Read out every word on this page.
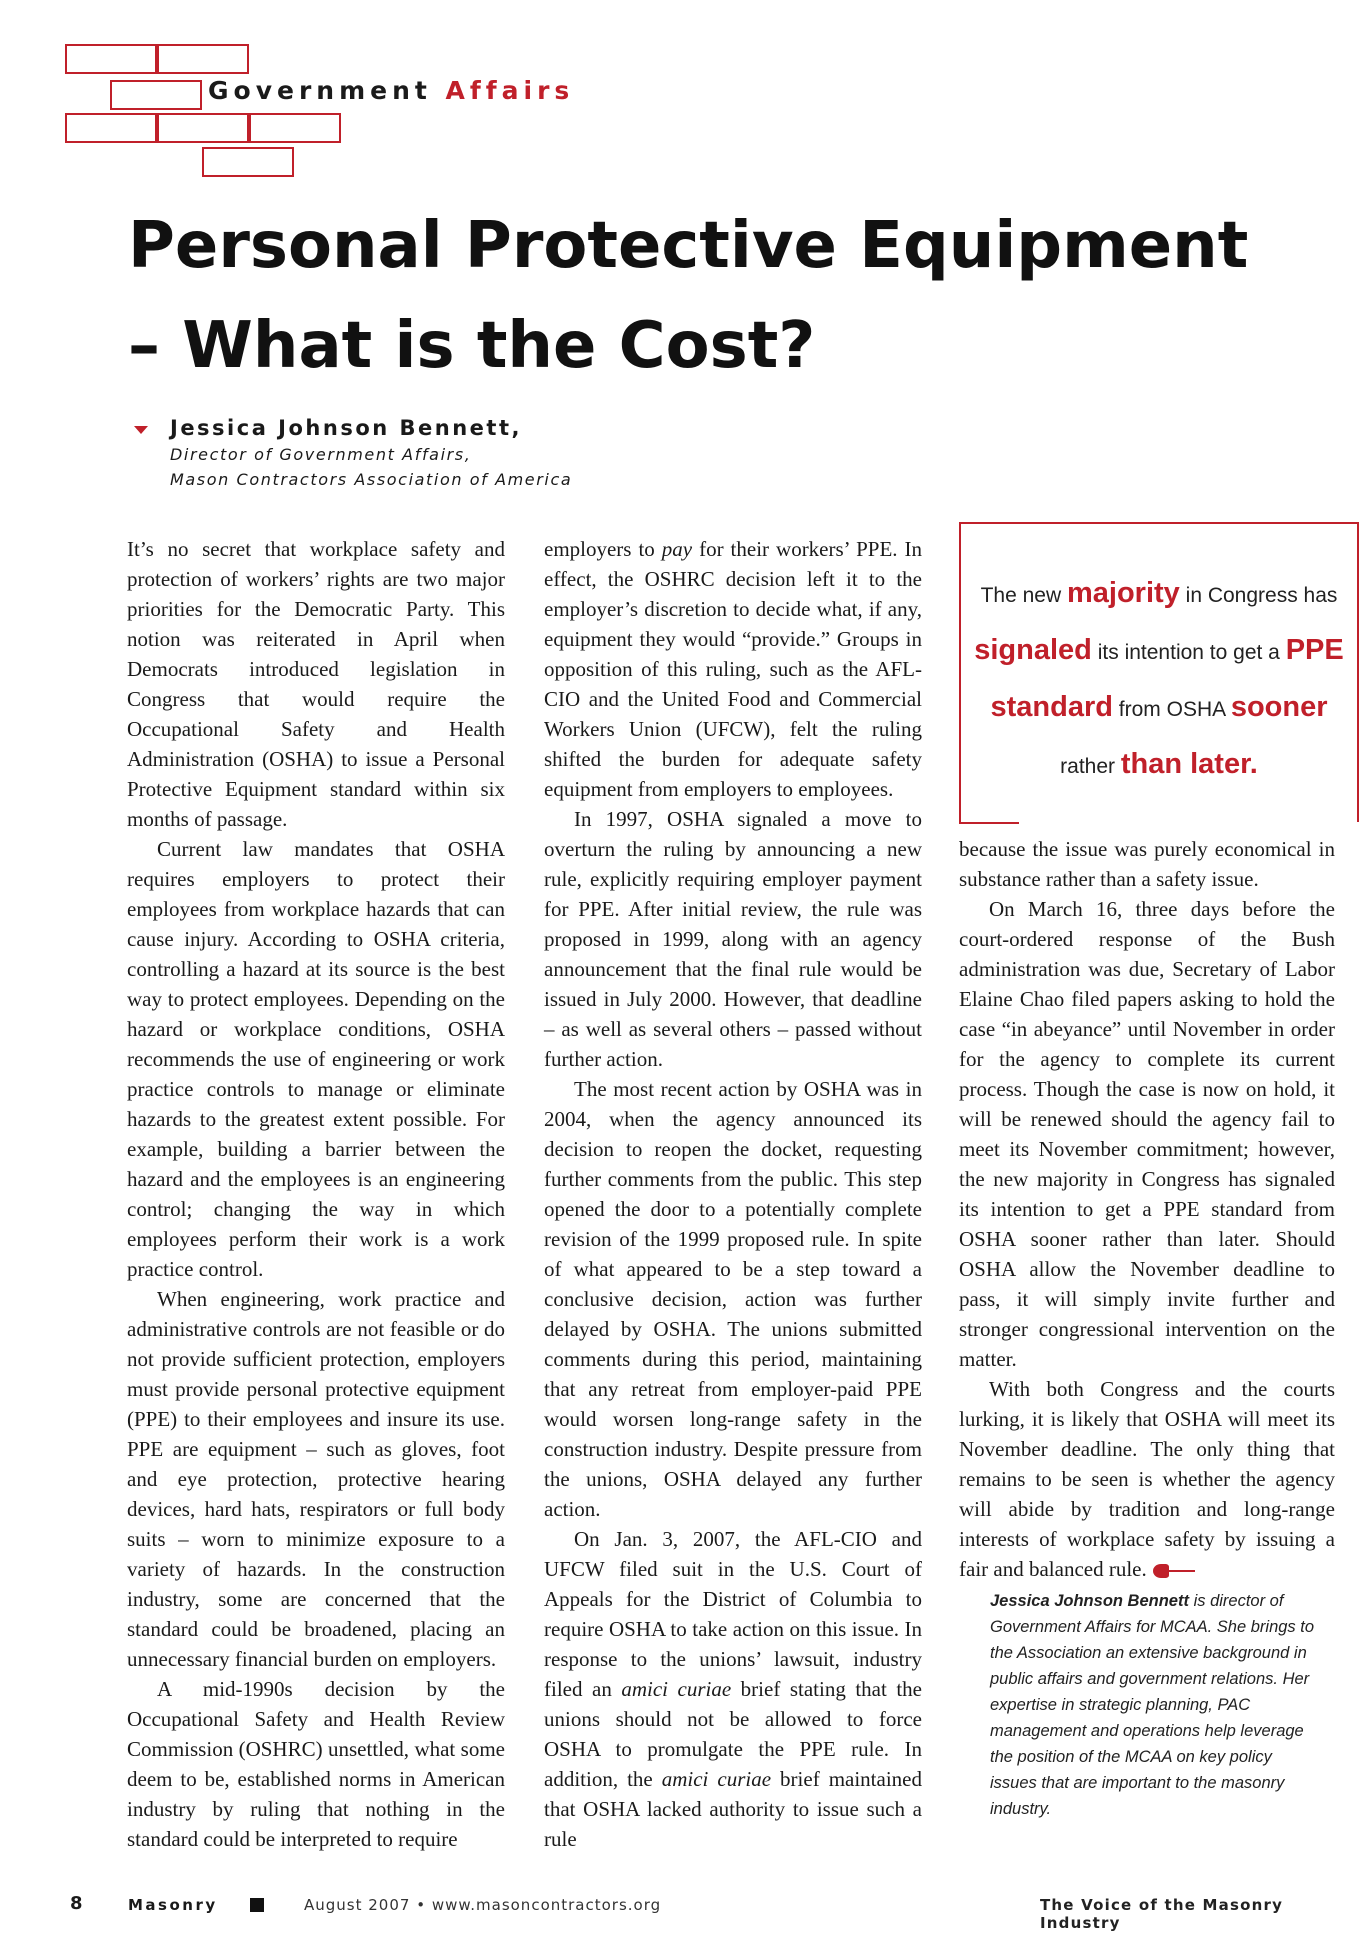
Government Affairs
Personal Protective Equipment
– What is the Cost?
Jessica Johnson Bennett,
Director of Government Affairs,
Mason Contractors Association of America

It’s no secret that workplace safety and protection of workers’ rights are two major priorities for the Democratic Party. This notion was reiterated in April when Democrats introduced legislation in Congress that would require the Occupational Safety and Health Administration (OSHA) to issue a Personal Protective Equipment standard within six months of passage.

Current law mandates that OSHA requires employers to protect their employees from workplace hazards that can cause injury. According to OSHA criteria, controlling a hazard at its source is the best way to protect employees. Depending on the hazard or workplace conditions, OSHA recommends the use of engineering or work practice controls to manage or eliminate hazards to the greatest extent possible. For example, building a barrier between the hazard and the employees is an engineering control; changing the way in which employees perform their work is a work practice control.

When engineering, work practice and administrative controls are not feasible or do not provide sufficient protection, employers must provide personal protective equipment (PPE) to their employees and insure its use. PPE are equipment – such as gloves, foot and eye protection, protective hearing devices, hard hats, respirators or full body suits – worn to minimize exposure to a variety of hazards. In the construction industry, some are concerned that the standard could be broadened, placing an unnecessary financial burden on employers.

A mid-1990s decision by the Occupational Safety and Health Review Commission (OSHRC) unsettled, what some deem to be, established norms in American industry by ruling that nothing in the standard could be interpreted to require

employers to pay for their workers’ PPE. In effect, the OSHRC decision left it to the employer’s discretion to decide what, if any, equipment they would “provide.” Groups in opposition of this ruling, such as the AFL-CIO and the United Food and Commercial Workers Union (UFCW), felt the ruling shifted the burden for adequate safety equipment from employers to employees.

In 1997, OSHA signaled a move to overturn the ruling by announcing a new rule, explicitly requiring employer payment for PPE. After initial review, the rule was proposed in 1999, along with an agency announcement that the final rule would be issued in July 2000. However, that deadline – as well as several others – passed without further action.

The most recent action by OSHA was in 2004, when the agency announced its decision to reopen the docket, requesting further comments from the public. This step opened the door to a potentially complete revision of the 1999 proposed rule. In spite of what appeared to be a step toward a conclusive decision, action was further delayed by OSHA. The unions submitted comments during this period, maintaining that any retreat from employer-paid PPE would worsen long-range safety in the construction industry. Despite pressure from the unions, OSHA delayed any further action.

On Jan. 3, 2007, the AFL-CIO and UFCW filed suit in the U.S. Court of Appeals for the District of Columbia to require OSHA to take action on this issue. In response to the unions’ lawsuit, industry filed an amici curiae brief stating that the unions should not be allowed to force OSHA to promulgate the PPE rule. In addition, the amici curiae brief maintained that OSHA lacked authority to issue such a rule

The new majority in Congress has signaled its intention to get a PPE standard from OSHA sooner rather than later.

because the issue was purely economical in substance rather than a safety issue.

On March 16, three days before the court-ordered response of the Bush administration was due, Secretary of Labor Elaine Chao filed papers asking to hold the case “in abeyance” until November in order for the agency to complete its current process. Though the case is now on hold, it will be renewed should the agency fail to meet its November commitment; however, the new majority in Congress has signaled its intention to get a PPE standard from OSHA sooner rather than later. Should OSHA allow the November deadline to pass, it will simply invite further and stronger congressional intervention on the matter.

With both Congress and the courts lurking, it is likely that OSHA will meet its November deadline. The only thing that remains to be seen is whether the agency will abide by tradition and long-range interests of workplace safety by issuing a fair and balanced rule.

Jessica Johnson Bennett is director of Government Affairs for MCAA. She brings to the Association an extensive background in public affairs and government relations. Her expertise in strategic planning, PAC management and operations help leverage the position of the MCAA on key policy issues that are important to the masonry industry.
8	Masonry	August 2007 • www.masoncontractors.org	The Voice of the Masonry Industry
